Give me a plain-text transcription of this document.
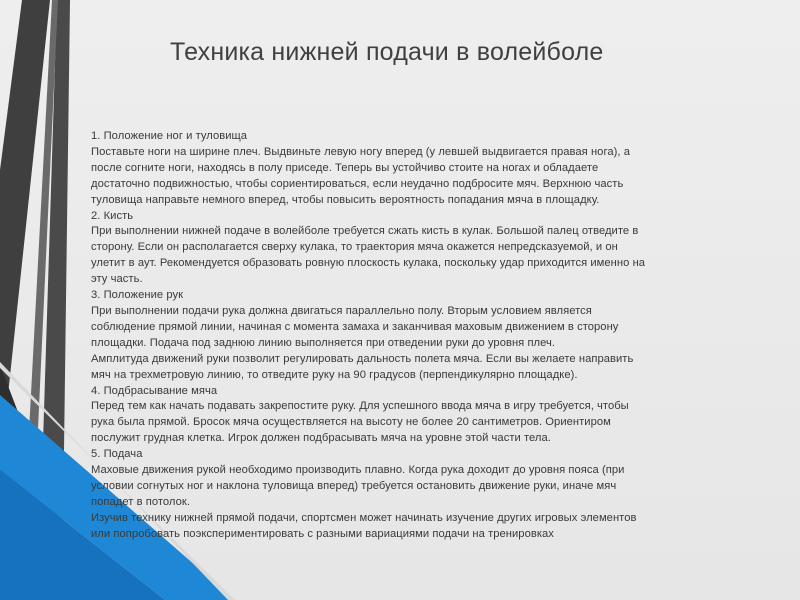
Техника нижней подачи в волейболе
1. Положение ног и туловища
Поставьте ноги на ширине плеч. Выдвиньте левую ногу вперед (у левшей выдвигается правая нога), а
после согните ноги, находясь в полу приседе. Теперь вы устойчиво стоите на ногах и обладаете
достаточно подвижностью, чтобы сориентироваться, если неудачно подбросите мяч. Верхнюю часть
туловища направьте немного вперед, чтобы повысить вероятность попадания мяча в площадку.
2. Кисть
При выполнении нижней подаче в волейболе требуется сжать кисть в кулак. Большой палец отведите в
сторону. Если он располагается сверху кулака, то траектория мяча окажется непредсказуемой, и он
улетит в аут. Рекомендуется образовать ровную плоскость кулака, поскольку удар приходится именно на
эту часть.
3. Положение рук
При выполнении подачи рука должна двигаться параллельно полу. Вторым условием является
соблюдение прямой линии, начиная с момента замаха и заканчивая маховым движением в сторону
площадки. Подача под заднюю линию выполняется при отведении руки до уровня плеч.
Амплитуда движений руки позволит регулировать дальность полета мяча. Если вы желаете направить
мяч на трехметровую линию, то отведите руку на 90 градусов (перпендикулярно площадке).
4. Подбрасывание мяча
Перед тем как начать подавать закрепостите руку. Для успешного ввода мяча в игру требуется, чтобы
рука была прямой. Бросок мяча осуществляется на высоту не более 20 сантиметров. Ориентиром
послужит грудная клетка. Игрок должен подбрасывать мяча на уровне этой части тела.
5. Подача
Маховые движения рукой необходимо производить плавно. Когда рука доходит до уровня пояса (при
условии согнутых ног и наклона туловища вперед) требуется остановить движение руки, иначе мяч
попадет в потолок.
Изучив технику нижней прямой подачи, спортсмен может начинать изучение других игровых элементов
или попробовать поэкспериментировать с разными вариациями подачи на тренировках
